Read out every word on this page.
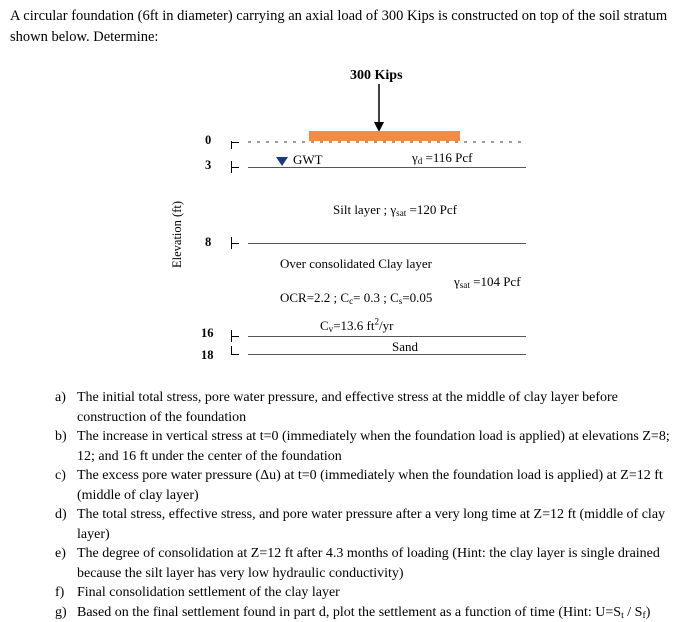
A circular foundation (6ft in diameter) carrying an axial load of 300 Kips is constructed on top of the soil stratum shown below. Determine:
300 Kips
Elevation (ft)
0
3
8
16
18
GWT	$\gamma_d =116$ Pcf
Silt layer ; $\gamma_{sat} =120$ Pcf
Over consolidated Clay layer
$\gamma_{sat} =104$ Pcf
OCR=2.2 ; $C_c= 0.3$ ; $C_s=0.05$
$C_v=13.6$ $ft^2/yr$
Sand
a) The initial total stress, pore water pressure, and effective stress at the middle of clay layer before construction of the foundation
b) The increase in vertical stress at t=0 (immediately when the foundation load is applied) at elevations Z=8; 12; and 16 ft under the center of the foundation
c) The excess pore water pressure (Δu) at t=0 (immediately when the foundation load is applied) at Z=12 ft (middle of clay layer)
d) The total stress, effective stress, and pore water pressure after a very long time at Z=12 ft (middle of clay layer)
e) The degree of consolidation at Z=12 ft after 4.3 months of loading (Hint: the clay layer is single drained because the silt layer has very low hydraulic conductivity)
f) Final consolidation settlement of the clay layer
g) Based on the final settlement found in part d, plot the settlement as a function of time (Hint: $U=S_t / S_f$)
